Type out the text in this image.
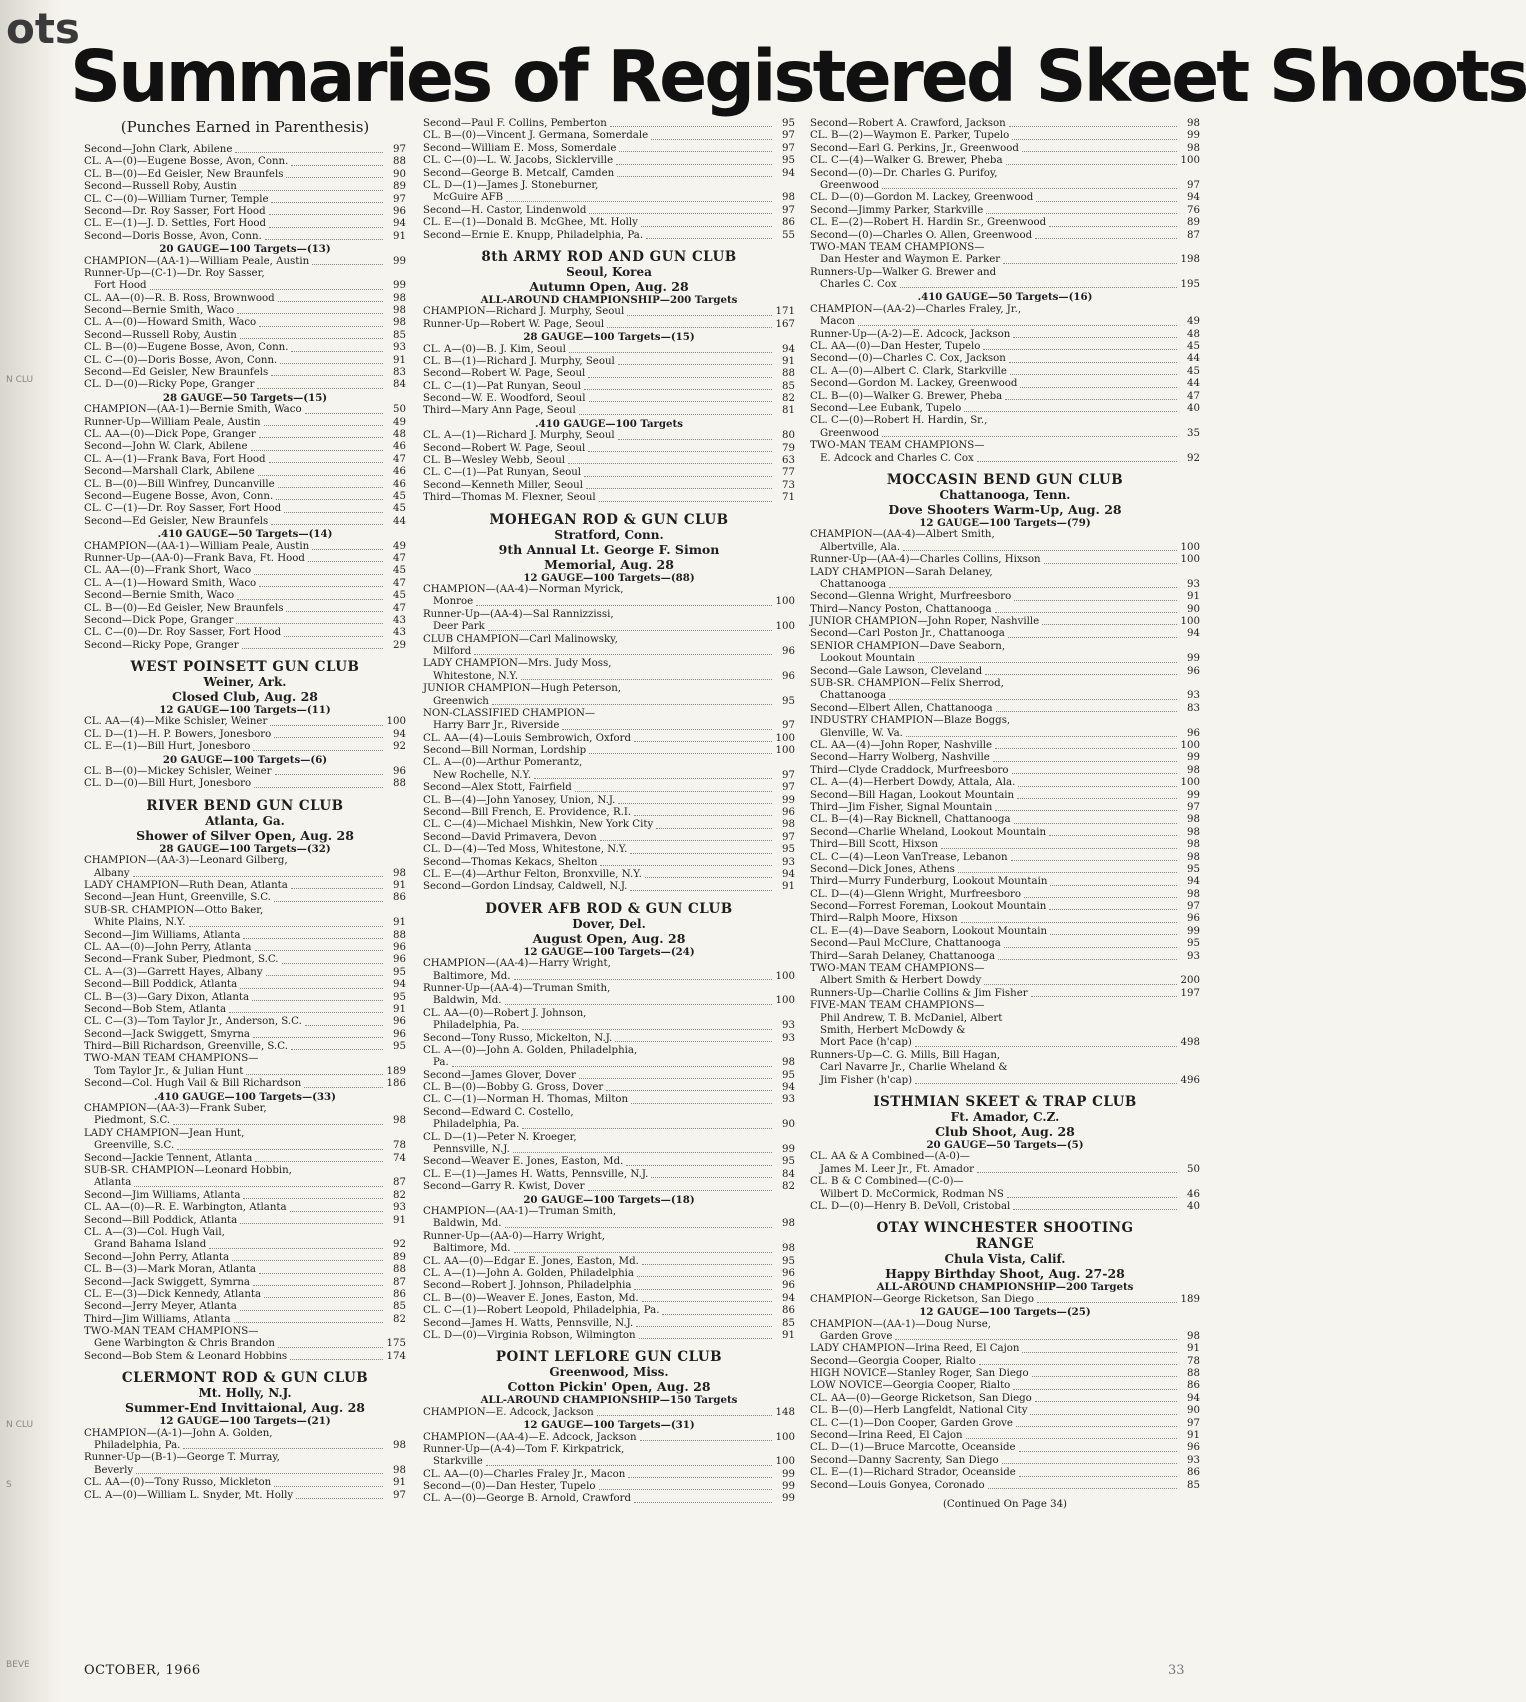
ots
N CLU
N CLU
S
BEVE
Summaries of Registered Skeet Shoots
(Punches Earned in Parenthesis)
Second—John Clark, Abilene	97
CL. A—(0)—Eugene Bosse, Avon, Conn.	88
CL. B—(0)—Ed Geisler, New Braunfels	90
Second—Russell Roby, Austin	89
CL. C—(0)—William Turner, Temple	97
Second—Dr. Roy Sasser, Fort Hood	96
CL. E—(1)—J. D. Settles, Fort Hood	94
Second—Doris Bosse, Avon, Conn.	91
20 GAUGE—100 Targets—(13)
CHAMPION—(AA-1)—William Peale, Austin	99
Runner-Up—(C-1)—Dr. Roy Sasser,
Fort Hood	99
CL. AA—(0)—R. B. Ross, Brownwood	98
Second—Bernie Smith, Waco	98
CL. A—(0)—Howard Smith, Waco	98
Second—Russell Roby, Austin	85
CL. B—(0)—Eugene Bosse, Avon, Conn.	93
CL. C—(0)—Doris Bosse, Avon, Conn.	91
Second—Ed Geisler, New Braunfels	83
CL. D—(0)—Ricky Pope, Granger	84
28 GAUGE—50 Targets—(15)
CHAMPION—(AA-1)—Bernie Smith, Waco	50
Runner-Up—William Peale, Austin	49
CL. AA—(0)—Dick Pope, Granger	48
Second—John W. Clark, Abilene	46
CL. A—(1)—Frank Bava, Fort Hood	47
Second—Marshall Clark, Abilene	46
CL. B—(0)—Bill Winfrey, Duncanville	46
Second—Eugene Bosse, Avon, Conn.	45
CL. C—(1)—Dr. Roy Sasser, Fort Hood	45
Second—Ed Geisler, New Braunfels	44
.410 GAUGE—50 Targets—(14)
CHAMPION—(AA-1)—William Peale, Austin	49
Runner-Up—(AA-0)—Frank Bava, Ft. Hood	47
CL. AA—(0)—Frank Short, Waco	45
CL. A—(1)—Howard Smith, Waco	47
Second—Bernie Smith, Waco	45
CL. B—(0)—Ed Geisler, New Braunfels	47
Second—Dick Pope, Granger	43
CL. C—(0)—Dr. Roy Sasser, Fort Hood	43
Second—Ricky Pope, Granger	29
WEST POINSETT GUN CLUB
Weiner, Ark.
Closed Club, Aug. 28
12 GAUGE—100 Targets—(11)
CL. AA—(4)—Mike Schisler, Weiner	100
CL. D—(1)—H. P. Bowers, Jonesboro	94
CL. E—(1)—Bill Hurt, Jonesboro	92
20 GAUGE—100 Targets—(6)
CL. B—(0)—Mickey Schisler, Weiner	96
CL. D—(0)—Bill Hurt, Jonesboro	88
RIVER BEND GUN CLUB
Atlanta, Ga.
Shower of Silver Open, Aug. 28
28 GAUGE—100 Targets—(32)
CHAMPION—(AA-3)—Leonard Gilberg,
Albany	98
LADY CHAMPION—Ruth Dean, Atlanta	91
Second—Jean Hunt, Greenville, S.C.	86
SUB-SR. CHAMPION—Otto Baker,
White Plains, N.Y.	91
Second—Jim Williams, Atlanta	88
CL. AA—(0)—John Perry, Atlanta	96
Second—Frank Suber, Piedmont, S.C.	96
CL. A—(3)—Garrett Hayes, Albany	95
Second—Bill Poddick, Atlanta	94
CL. B—(3)—Gary Dixon, Atlanta	95
Second—Bob Stem, Atlanta	91
CL. C—(3)—Tom Taylor Jr., Anderson, S.C.	96
Second—Jack Swiggett, Smyrna	96
Third—Bill Richardson, Greenville, S.C.	95
TWO-MAN TEAM CHAMPIONS—
Tom Taylor Jr., & Julian Hunt	189
Second—Col. Hugh Vail & Bill Richardson	186
.410 GAUGE—100 Targets—(33)
CHAMPION—(AA-3)—Frank Suber,
Piedmont, S.C.	98
LADY CHAMPION—Jean Hunt,
Greenville, S.C.	78
Second—Jackie Tennent, Atlanta	74
SUB-SR. CHAMPION—Leonard Hobbin,
Atlanta	87
Second—Jim Williams, Atlanta	82
CL. AA—(0)—R. E. Warbington, Atlanta	93
Second—Bill Poddick, Atlanta	91
CL. A—(3)—Col. Hugh Vail,
Grand Bahama Island	92
Second—John Perry, Atlanta	89
CL. B—(3)—Mark Moran, Atlanta	88
Second—Jack Swiggett, Symrna	87
CL. E—(3)—Dick Kennedy, Atlanta	86
Second—Jerry Meyer, Atlanta	85
Third—Jim Williams, Atlanta	82
TWO-MAN TEAM CHAMPIONS—
Gene Warbington & Chris Brandon	175
Second—Bob Stem & Leonard Hobbins	174
CLERMONT ROD & GUN CLUB
Mt. Holly, N.J.
Summer-End Invittaional, Aug. 28
12 GAUGE—100 Targets—(21)
CHAMPION—(A-1)—John A. Golden,
Philadelphia, Pa.	98
Runner-Up—(B-1)—George T. Murray,
Beverly	98
CL. AA—(0)—Tony Russo, Mickleton	91
CL. A—(0)—William L. Snyder, Mt. Holly	97
Second—Paul F. Collins, Pemberton	95
CL. B—(0)—Vincent J. Germana, Somerdale	97
Second—William E. Moss, Somerdale	97
CL. C—(0)—L. W. Jacobs, Sicklerville	95
Second—George B. Metcalf, Camden	94
CL. D—(1)—James J. Stoneburner,
McGuire AFB	98
Second—H. Castor, Lindenwold	97
CL. E—(1)—Donald B. McGhee, Mt. Holly	86
Second—Ernie E. Knupp, Philadelphia, Pa.	55
8th ARMY ROD AND GUN CLUB
Seoul, Korea
Autumn Open, Aug. 28
ALL-AROUND CHAMPIONSHIP—200 Targets
CHAMPION—Richard J. Murphy, Seoul	171
Runner-Up—Robert W. Page, Seoul	167
28 GAUGE—100 Targets—(15)
CL. A—(0)—B. J. Kim, Seoul	94
CL. B—(1)—Richard J. Murphy, Seoul	91
Second—Robert W. Page, Seoul	88
CL. C—(1)—Pat Runyan, Seoul	85
Second—W. E. Woodford, Seoul	82
Third—Mary Ann Page, Seoul	81
.410 GAUGE—100 Targets
CL. A—(1)—Richard J. Murphy, Seoul	80
Second—Robert W. Page, Seoul	79
CL. B—Wesley Webb, Seoul	63
CL. C—(1)—Pat Runyan, Seoul	77
Second—Kenneth Miller, Seoul	73
Third—Thomas M. Flexner, Seoul	71
MOHEGAN ROD & GUN CLUB
Stratford, Conn.
9th Annual Lt. George F. Simon
Memorial, Aug. 28
12 GAUGE—100 Targets—(88)
CHAMPION—(AA-4)—Norman Myrick,
Monroe	100
Runner-Up—(AA-4)—Sal Rannizzissi,
Deer Park	100
CLUB CHAMPION—Carl Malinowsky,
Milford	96
LADY CHAMPION—Mrs. Judy Moss,
Whitestone, N.Y.	96
JUNIOR CHAMPION—Hugh Peterson,
Greenwich	95
NON-CLASSIFIED CHAMPION—
Harry Barr Jr., Riverside	97
CL. AA—(4)—Louis Sembrowich, Oxford	100
Second—Bill Norman, Lordship	100
CL. A—(0)—Arthur Pomerantz,
New Rochelle, N.Y.	97
Second—Alex Stott, Fairfield	97
CL. B—(4)—John Yanosey, Union, N.J.	99
Second—Bill French, E. Providence, R.I.	96
CL. C—(4)—Michael Mishkin, New York City	98
Second—David Primavera, Devon	97
CL. D—(4)—Ted Moss, Whitestone, N.Y.	95
Second—Thomas Kekacs, Shelton	93
CL. E—(4)—Arthur Felton, Bronxville, N.Y.	94
Second—Gordon Lindsay, Caldwell, N.J.	91
DOVER AFB ROD & GUN CLUB
Dover, Del.
August Open, Aug. 28
12 GAUGE—100 Targets—(24)
CHAMPION—(AA-4)—Harry Wright,
Baltimore, Md.	100
Runner-Up—(AA-4)—Truman Smith,
Baldwin, Md.	100
CL. AA—(0)—Robert J. Johnson,
Philadelphia, Pa.	93
Second—Tony Russo, Mickelton, N.J.	93
CL. A—(0)—John A. Golden, Philadelphia,
Pa.	98
Second—James Glover, Dover	95
CL. B—(0)—Bobby G. Gross, Dover	94
CL. C—(1)—Norman H. Thomas, Milton	93
Second—Edward C. Costello,
Philadelphia, Pa.	90
CL. D—(1)—Peter N. Kroeger,
Pennsville, N.J.	99
Second—Weaver E. Jones, Easton, Md.	95
CL. E—(1)—James H. Watts, Pennsville, N.J.	84
Second—Garry R. Kwist, Dover	82
20 GAUGE—100 Targets—(18)
CHAMPION—(AA-1)—Truman Smith,
Baldwin, Md.	98
Runner-Up—(AA-0)—Harry Wright,
Baltimore, Md.	98
CL. AA—(0)—Edgar E. Jones, Easton, Md.	95
CL. A—(1)—John A. Golden, Philadelphia	96
Second—Robert J. Johnson, Philadelphia	96
CL. B—(0)—Weaver E. Jones, Easton, Md.	94
CL. C—(1)—Robert Leopold, Philadelphia, Pa.	86
Second—James H. Watts, Pennsville, N.J.	85
CL. D—(0)—Virginia Robson, Wilmington	91
POINT LEFLORE GUN CLUB
Greenwood, Miss.
Cotton Pickin' Open, Aug. 28
ALL-AROUND CHAMPIONSHIP—150 Targets
CHAMPION—E. Adcock, Jackson	148
12 GAUGE—100 Targets—(31)
CHAMPION—(AA-4)—E. Adcock, Jackson	100
Runner-Up—(A-4)—Tom F. Kirkpatrick,
Starkville	100
CL. AA—(0)—Charles Fraley Jr., Macon	99
Second—(0)—Dan Hester, Tupelo	99
CL. A—(0)—George B. Arnold, Crawford	99
Second—Robert A. Crawford, Jackson	98
CL. B—(2)—Waymon E. Parker, Tupelo	99
Second—Earl G. Perkins, Jr., Greenwood	98
CL. C—(4)—Walker G. Brewer, Pheba	100
Second—(0)—Dr. Charles G. Purifoy,
Greenwood	97
CL. D—(0)—Gordon M. Lackey, Greenwood	94
Second—Jimmy Parker, Starkville	76
CL. E—(2)—Robert H. Hardin Sr., Greenwood	89
Second—(0)—Charles O. Allen, Greenwood	87
TWO-MAN TEAM CHAMPIONS—
Dan Hester and Waymon E. Parker	198
Runners-Up—Walker G. Brewer and
Charles C. Cox	195
.410 GAUGE—50 Targets—(16)
CHAMPION—(AA-2)—Charles Fraley, Jr.,
Macon	49
Runner-Up—(A-2)—E. Adcock, Jackson	48
CL. AA—(0)—Dan Hester, Tupelo	45
Second—(0)—Charles C. Cox, Jackson	44
CL. A—(0)—Albert C. Clark, Starkville	45
Second—Gordon M. Lackey, Greenwood	44
CL. B—(0)—Walker G. Brewer, Pheba	47
Second—Lee Eubank, Tupelo	40
CL. C—(0)—Robert H. Hardin, Sr.,
Greenwood	35
TWO-MAN TEAM CHAMPIONS—
E. Adcock and Charles C. Cox	92
MOCCASIN BEND GUN CLUB
Chattanooga, Tenn.
Dove Shooters Warm-Up, Aug. 28
12 GAUGE—100 Targets—(79)
CHAMPION—(AA-4)—Albert Smith,
Albertville, Ala.	100
Runner-Up—(AA-4)—Charles Collins, Hixson	100
LADY CHAMPION—Sarah Delaney,
Chattanooga	93
Second—Glenna Wright, Murfreesboro	91
Third—Nancy Poston, Chattanooga	90
JUNIOR CHAMPION—John Roper, Nashville	100
Second—Carl Poston Jr., Chattanooga	94
SENIOR CHAMPION—Dave Seaborn,
Lookout Mountain	99
Second—Gale Lawson, Cleveland	96
SUB-SR. CHAMPION—Felix Sherrod,
Chattanooga	93
Second—Elbert Allen, Chattanooga	83
INDUSTRY CHAMPION—Blaze Boggs,
Glenville, W. Va.	96
CL. AA—(4)—John Roper, Nashville	100
Second—Harry Wolberg, Nashville	99
Third—Clyde Craddock, Murfreesboro	98
CL. A—(4)—Herbert Dowdy, Attala, Ala.	100
Second—Bill Hagan, Lookout Mountain	99
Third—Jim Fisher, Signal Mountain	97
CL. B—(4)—Ray Bicknell, Chattanooga	98
Second—Charlie Wheland, Lookout Mountain	98
Third—Bill Scott, Hixson	98
CL. C—(4)—Leon VanTrease, Lebanon	98
Second—Dick Jones, Athens	95
Third—Murry Funderburg, Lookout Mountain	94
CL. D—(4)—Glenn Wright, Murfreesboro	98
Second—Forrest Foreman, Lookout Mountain	97
Third—Ralph Moore, Hixson	96
CL. E—(4)—Dave Seaborn, Lookout Mountain	99
Second—Paul McClure, Chattanooga	95
Third—Sarah Delaney, Chattanooga	93
TWO-MAN TEAM CHAMPIONS—
Albert Smith & Herbert Dowdy	200
Runners-Up—Charlie Collins & Jim Fisher	197
FIVE-MAN TEAM CHAMPIONS—
Phil Andrew, T. B. McDaniel, Albert
Smith, Herbert McDowdy &
Mort Pace (h'cap)	498
Runners-Up—C. G. Mills, Bill Hagan,
Carl Navarre Jr., Charlie Wheland &
Jim Fisher (h'cap)	496
ISTHMIAN SKEET & TRAP CLUB
Ft. Amador, C.Z.
Club Shoot, Aug. 28
20 GAUGE—50 Targets—(5)
CL. AA & A Combined—(A-0)—
James M. Leer Jr., Ft. Amador	50
CL. B & C Combined—(C-0)—
Wilbert D. McCormick, Rodman NS	46
CL. D—(0)—Henry B. DeVoll, Cristobal	40
OTAY WINCHESTER SHOOTING
RANGE
Chula Vista, Calif.
Happy Birthday Shoot, Aug. 27-28
ALL-AROUND CHAMPIONSHIP—200 Targets
CHAMPION—George Ricketson, San Diego	189
12 GAUGE—100 Targets—(25)
CHAMPION—(AA-1)—Doug Nurse,
Garden Grove	98
LADY CHAMPION—Irina Reed, El Cajon	91
Second—Georgia Cooper, Rialto	78
HIGH NOVICE—Stanley Roger, San Diego	88
LOW NOVICE—Georgia Cooper, Rialto	86
CL. AA—(0)—George Ricketson, San Diego	94
CL. B—(0)—Herb Langfeldt, National City	90
CL. C—(1)—Don Cooper, Garden Grove	97
Second—Irina Reed, El Cajon	91
CL. D—(1)—Bruce Marcotte, Oceanside	96
Second—Danny Sacrenty, San Diego	93
CL. E—(1)—Richard Strador, Oceanside	86
Second—Louis Gonyea, Coronado	85
(Continued On Page 34)
OCTOBER, 1966	33
